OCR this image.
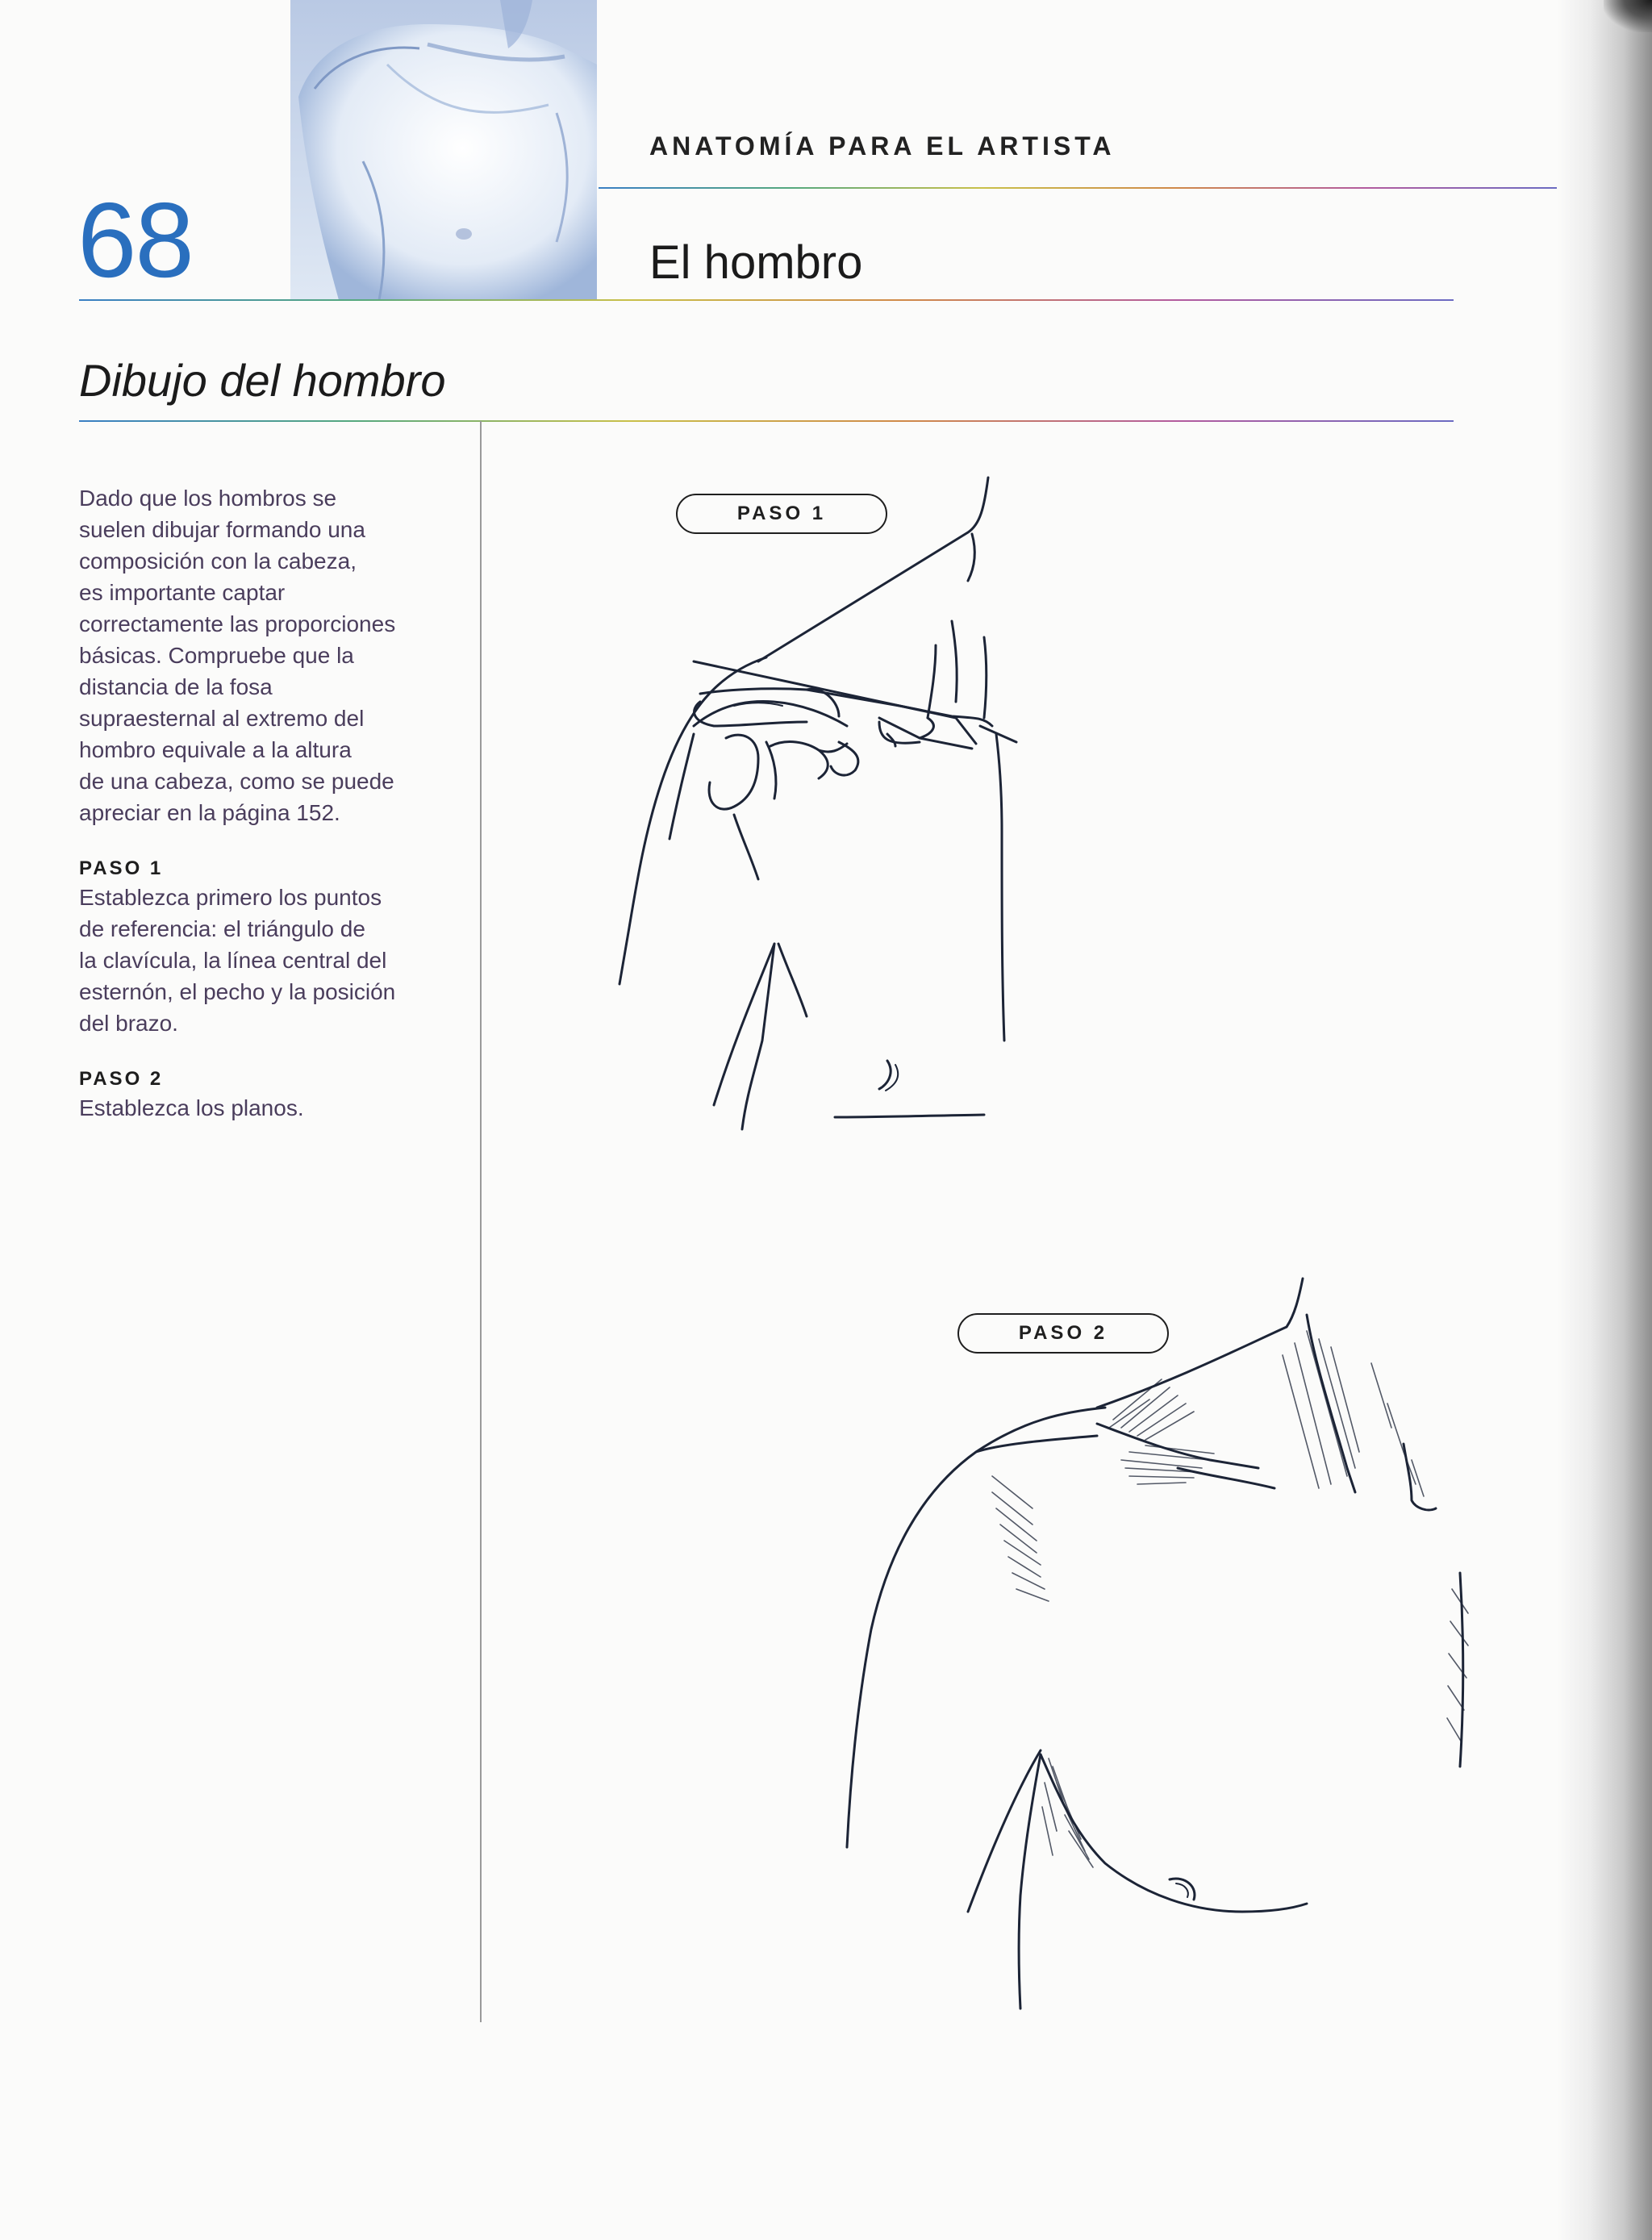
ANATOMÍA PARA EL ARTISTA
68	El hombro
Dibujo del hombro

Dado que los hombros se
suelen dibujar formando una
composición con la cabeza,
es importante captar
correctamente las proporciones
básicas. Compruebe que la
distancia de la fosa
supraesternal al extremo del
hombro equivale a la altura
de una cabeza, como se puede
apreciar en la página 152.

PASO 1

Establezca primero los puntos
de referencia: el triángulo de
la clavícula, la línea central del
esternón, el pecho y la posición
del brazo.

PASO 2

Establezca los planos.

PASO 1
PASO 2
